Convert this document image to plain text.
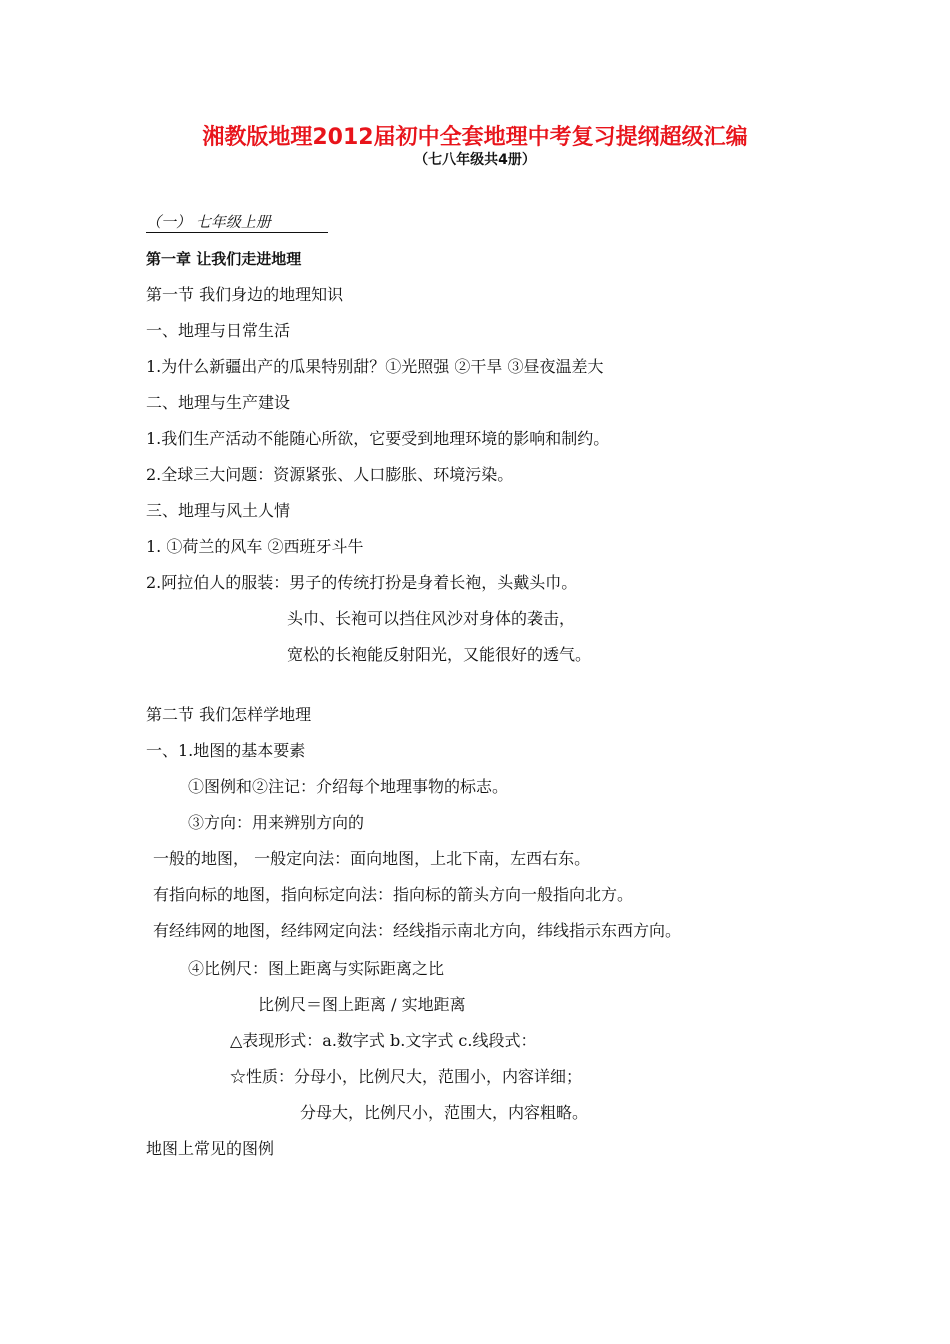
湘教版地理2012届初中全套地理中考复习提纲超级汇编
（七八年级共4册）
（一） 七年级上册
第一章 让我们走进地理
第一节 我们身边的地理知识
一、地理与日常生活
1.为什么新疆出产的瓜果特别甜？①光照强 ②干旱 ③昼夜温差大
二、地理与生产建设
1.我们生产活动不能随心所欲，它要受到地理环境的影响和制约。
2.全球三大问题：资源紧张、人口膨胀、环境污染。
三、地理与风土人情
1. ①荷兰的风车 ②西班牙斗牛
2.阿拉伯人的服装：男子的传统打扮是身着长袍，头戴头巾。
头巾、长袍可以挡住风沙对身体的袭击，
宽松的长袍能反射阳光，又能很好的透气。
第二节 我们怎样学地理
一、1.地图的基本要素
①图例和②注记：介绍每个地理事物的标志。
③方向：用来辨别方向的
一般的地图， 一般定向法：面向地图，上北下南，左西右东。
有指向标的地图，指向标定向法：指向标的箭头方向一般指向北方。
有经纬网的地图，经纬网定向法：经线指示南北方向，纬线指示东西方向。
④比例尺：图上距离与实际距离之比
比例尺＝图上距离 / 实地距离
△表现形式：a.数字式 b.文字式 c.线段式：
☆性质：分母小，比例尺大，范围小，内容详细；
分母大，比例尺小，范围大，内容粗略。
地图上常见的图例
